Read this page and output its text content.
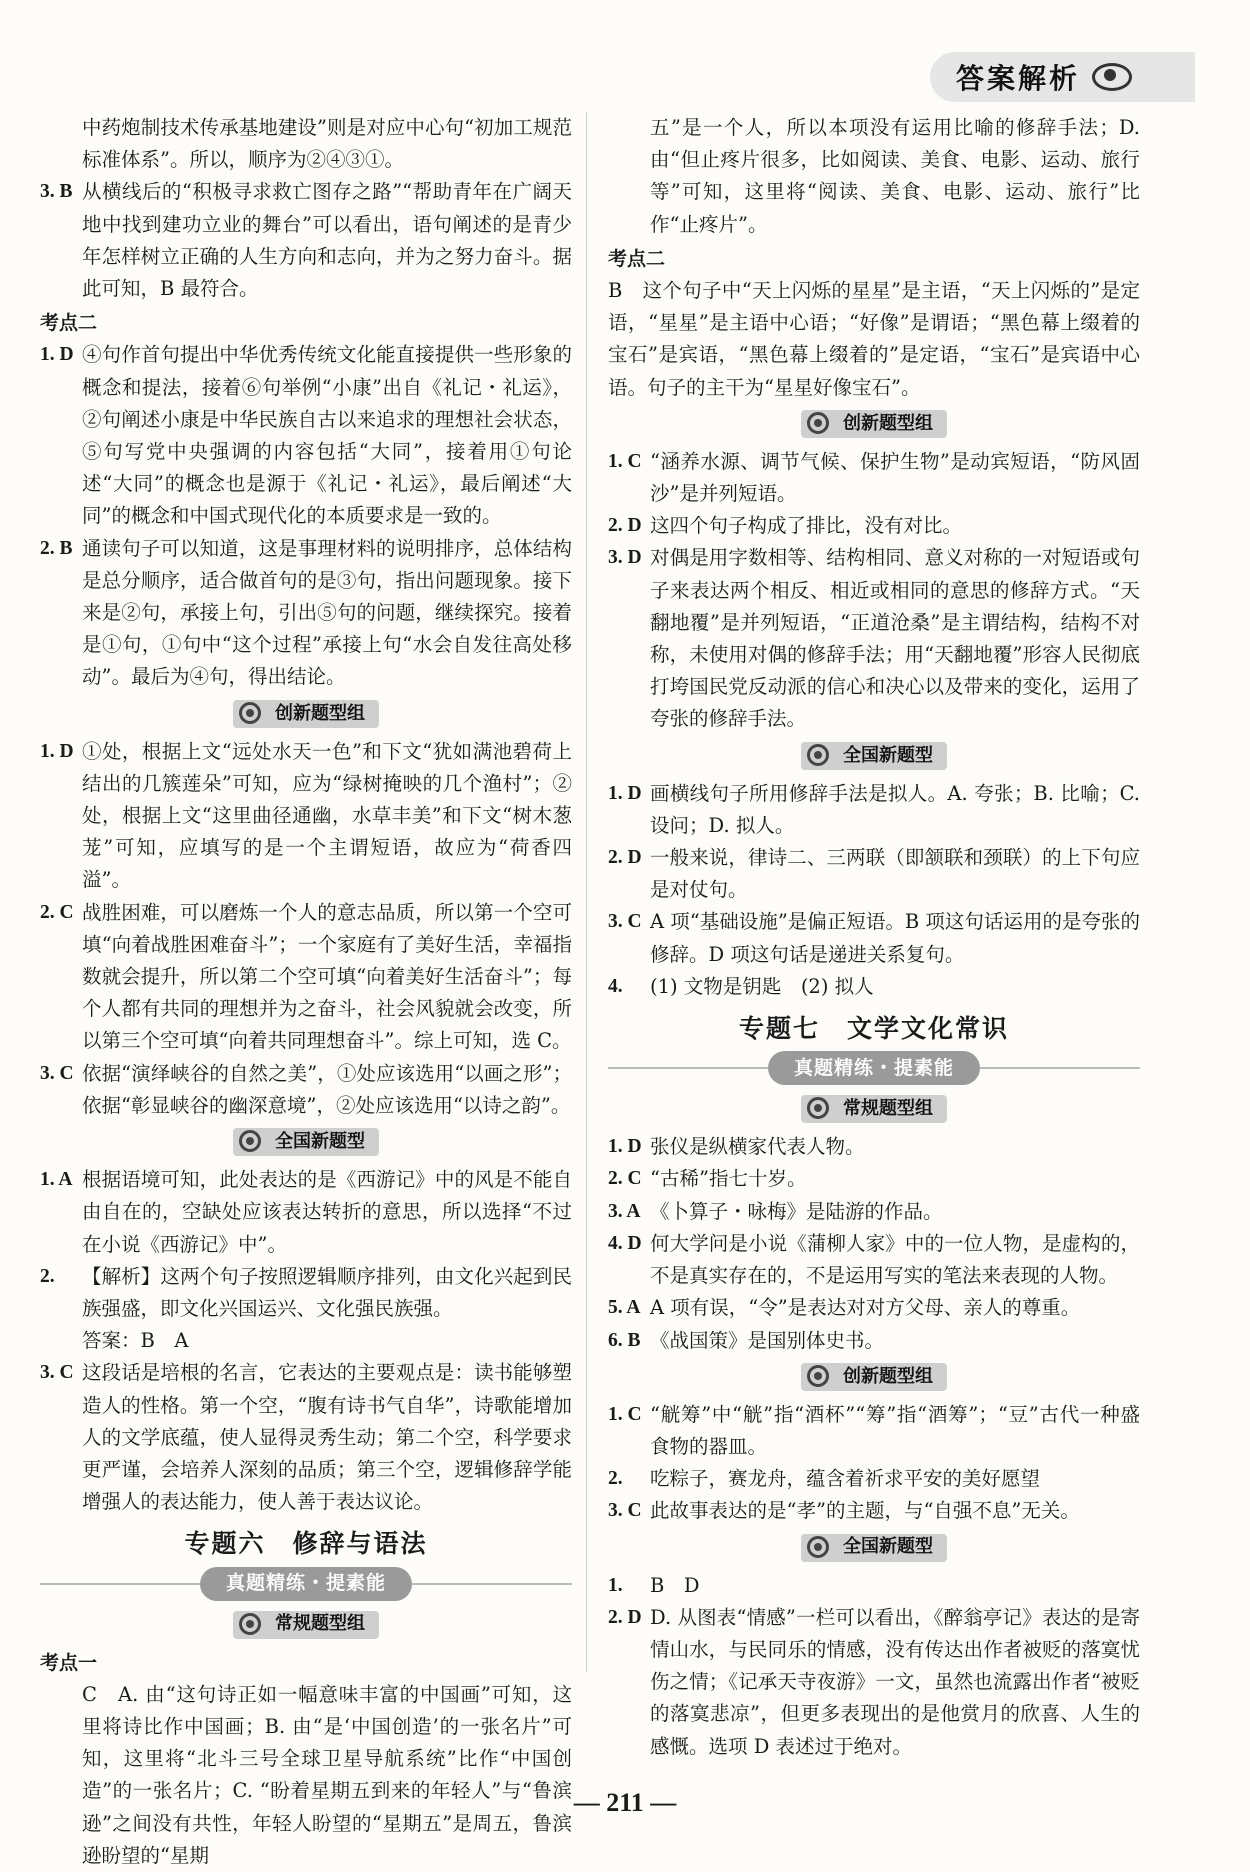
答案解析
中药炮制技术传承基地建设”则是对应中心句“初加工规范标准体系”。所以，顺序为②④③①。
3. B 从横线后的“积极寻求救亡图存之路”“帮助青年在广阔天地中找到建功立业的舞台”可以看出，语句阐述的是青少年怎样树立正确的人生方向和志向，并为之努力奋斗。据此可知，B 最符合。
考点二
1. D ④句作首句提出中华优秀传统文化能直接提供一些形象的概念和提法，接着⑥句举例“小康”出自《礼记・礼运》，②句阐述小康是中华民族自古以来追求的理想社会状态，⑤句写党中央强调的内容包括“大同”，接着用①句论述“大同”的概念也是源于《礼记・礼运》，最后阐述“大同”的概念和中国式现代化的本质要求是一致的。
2. B 通读句子可以知道，这是事理材料的说明排序，总体结构是总分顺序，适合做首句的是③句，指出问题现象。接下来是②句，承接上句，引出⑤句的问题，继续探究。接着是①句，①句中“这个过程”承接上句“水会自发往高处移动”。最后为④句，得出结论。
创新题型组
1. D ①处，根据上文“远处水天一色”和下文“犹如满池碧荷上结出的几簇莲朵”可知，应为“绿树掩映的几个渔村”；②处，根据上文“这里曲径通幽，水草丰美”和下文“树木葱茏”可知，应填写的是一个主谓短语，故应为“荷香四溢”。
2. C 战胜困难，可以磨炼一个人的意志品质，所以第一个空可填“向着战胜困难奋斗”；一个家庭有了美好生活，幸福指数就会提升，所以第二个空可填“向着美好生活奋斗”；每个人都有共同的理想并为之奋斗，社会风貌就会改变，所以第三个空可填“向着共同理想奋斗”。综上可知，选 C。
3. C 依据“演绎峡谷的自然之美”，①处应该选用“以画之形”；依据“彰显峡谷的幽深意境”，②处应该选用“以诗之韵”。
全国新题型
1. A 根据语境可知，此处表达的是《西游记》中的风是不能自由自在的，空缺处应该表达转折的意思，所以选择“不过在小说《西游记》中”。
2.	【解析】这两个句子按照逻辑顺序排列，由文化兴起到民族强盛，即文化兴国运兴、文化强民族强。
答案：B　A
3. C 这段话是培根的名言，它表达的主要观点是：读书能够塑造人的性格。第一个空，“腹有诗书气自华”，诗歌能增加人的文学底蕴，使人显得灵秀生动；第二个空，科学要求更严谨，会培养人深刻的品质；第三个空，逻辑修辞学能增强人的表达能力，使人善于表达议论。
专题六　修辞与语法
真题精练・提素能
常规题型组
考点一
C　A. 由“这句诗正如一幅意味丰富的中国画”可知，这里将诗比作中国画；B. 由“是‘中国创造’的一张名片”可知，这里将“北斗三号全球卫星导航系统”比作“中国创造”的一张名片；C. “盼着星期五到来的年轻人”与“鲁滨逊”之间没有共性，年轻人盼望的“星期五”是周五，鲁滨逊盼望的“星期
五”是一个人，所以本项没有运用比喻的修辞手法；D. 由“但止疼片很多，比如阅读、美食、电影、运动、旅行等”可知，这里将“阅读、美食、电影、运动、旅行”比作“止疼片”。
考点二
B　这个句子中“天上闪烁的星星”是主语，“天上闪烁的”是定语，“星星”是主语中心语；“好像”是谓语；“黑色幕上缀着的宝石”是宾语，“黑色幕上缀着的”是定语，“宝石”是宾语中心语。句子的主干为“星星好像宝石”。
创新题型组
1. C “涵养水源、调节气候、保护生物”是动宾短语，“防风固沙”是并列短语。
2. D 这四个句子构成了排比，没有对比。
3. D 对偶是用字数相等、结构相同、意义对称的一对短语或句子来表达两个相反、相近或相同的意思的修辞方式。“天翻地覆”是并列短语，“正道沧桑”是主谓结构，结构不对称，未使用对偶的修辞手法；用“天翻地覆”形容人民彻底打垮国民党反动派的信心和决心以及带来的变化，运用了夸张的修辞手法。
全国新题型
1. D 画横线句子所用修辞手法是拟人。A. 夸张；B. 比喻；C. 设问；D. 拟人。
2. D 一般来说，律诗二、三两联（即颔联和颈联）的上下句应是对仗句。
3. C A 项“基础设施”是偏正短语。B 项这句话运用的是夸张的修辞。D 项这句话是递进关系复句。
4.	(1) 文物是钥匙　(2) 拟人
专题七　文学文化常识
真题精练・提素能
常规题型组
1. D 张仪是纵横家代表人物。
2. C “古稀”指七十岁。
3. A 《卜算子・咏梅》是陆游的作品。
4. D 何大学问是小说《蒲柳人家》中的一位人物，是虚构的，不是真实存在的，不是运用写实的笔法来表现的人物。
5. A A 项有误，“令”是表达对对方父母、亲人的尊重。
6. B 《战国策》是国别体史书。
创新题型组
1. C “觥筹”中“觥”指“酒杯”“筹”指“酒筹”；“豆”古代一种盛食物的器皿。
2.	吃粽子，赛龙舟，蕴含着祈求平安的美好愿望
3. C 此故事表达的是“孝”的主题，与“自强不息”无关。
全国新题型
1.	B　D
2. D D. 从图表“情感”一栏可以看出，《醉翁亭记》表达的是寄情山水，与民同乐的情感，没有传达出作者被贬的落寞忧伤之情；《记承天寺夜游》一文，虽然也流露出作者“被贬的落寞悲凉”，但更多表现出的是他赏月的欣喜、人生的感慨。选项 D 表述过于绝对。
— 211 —
